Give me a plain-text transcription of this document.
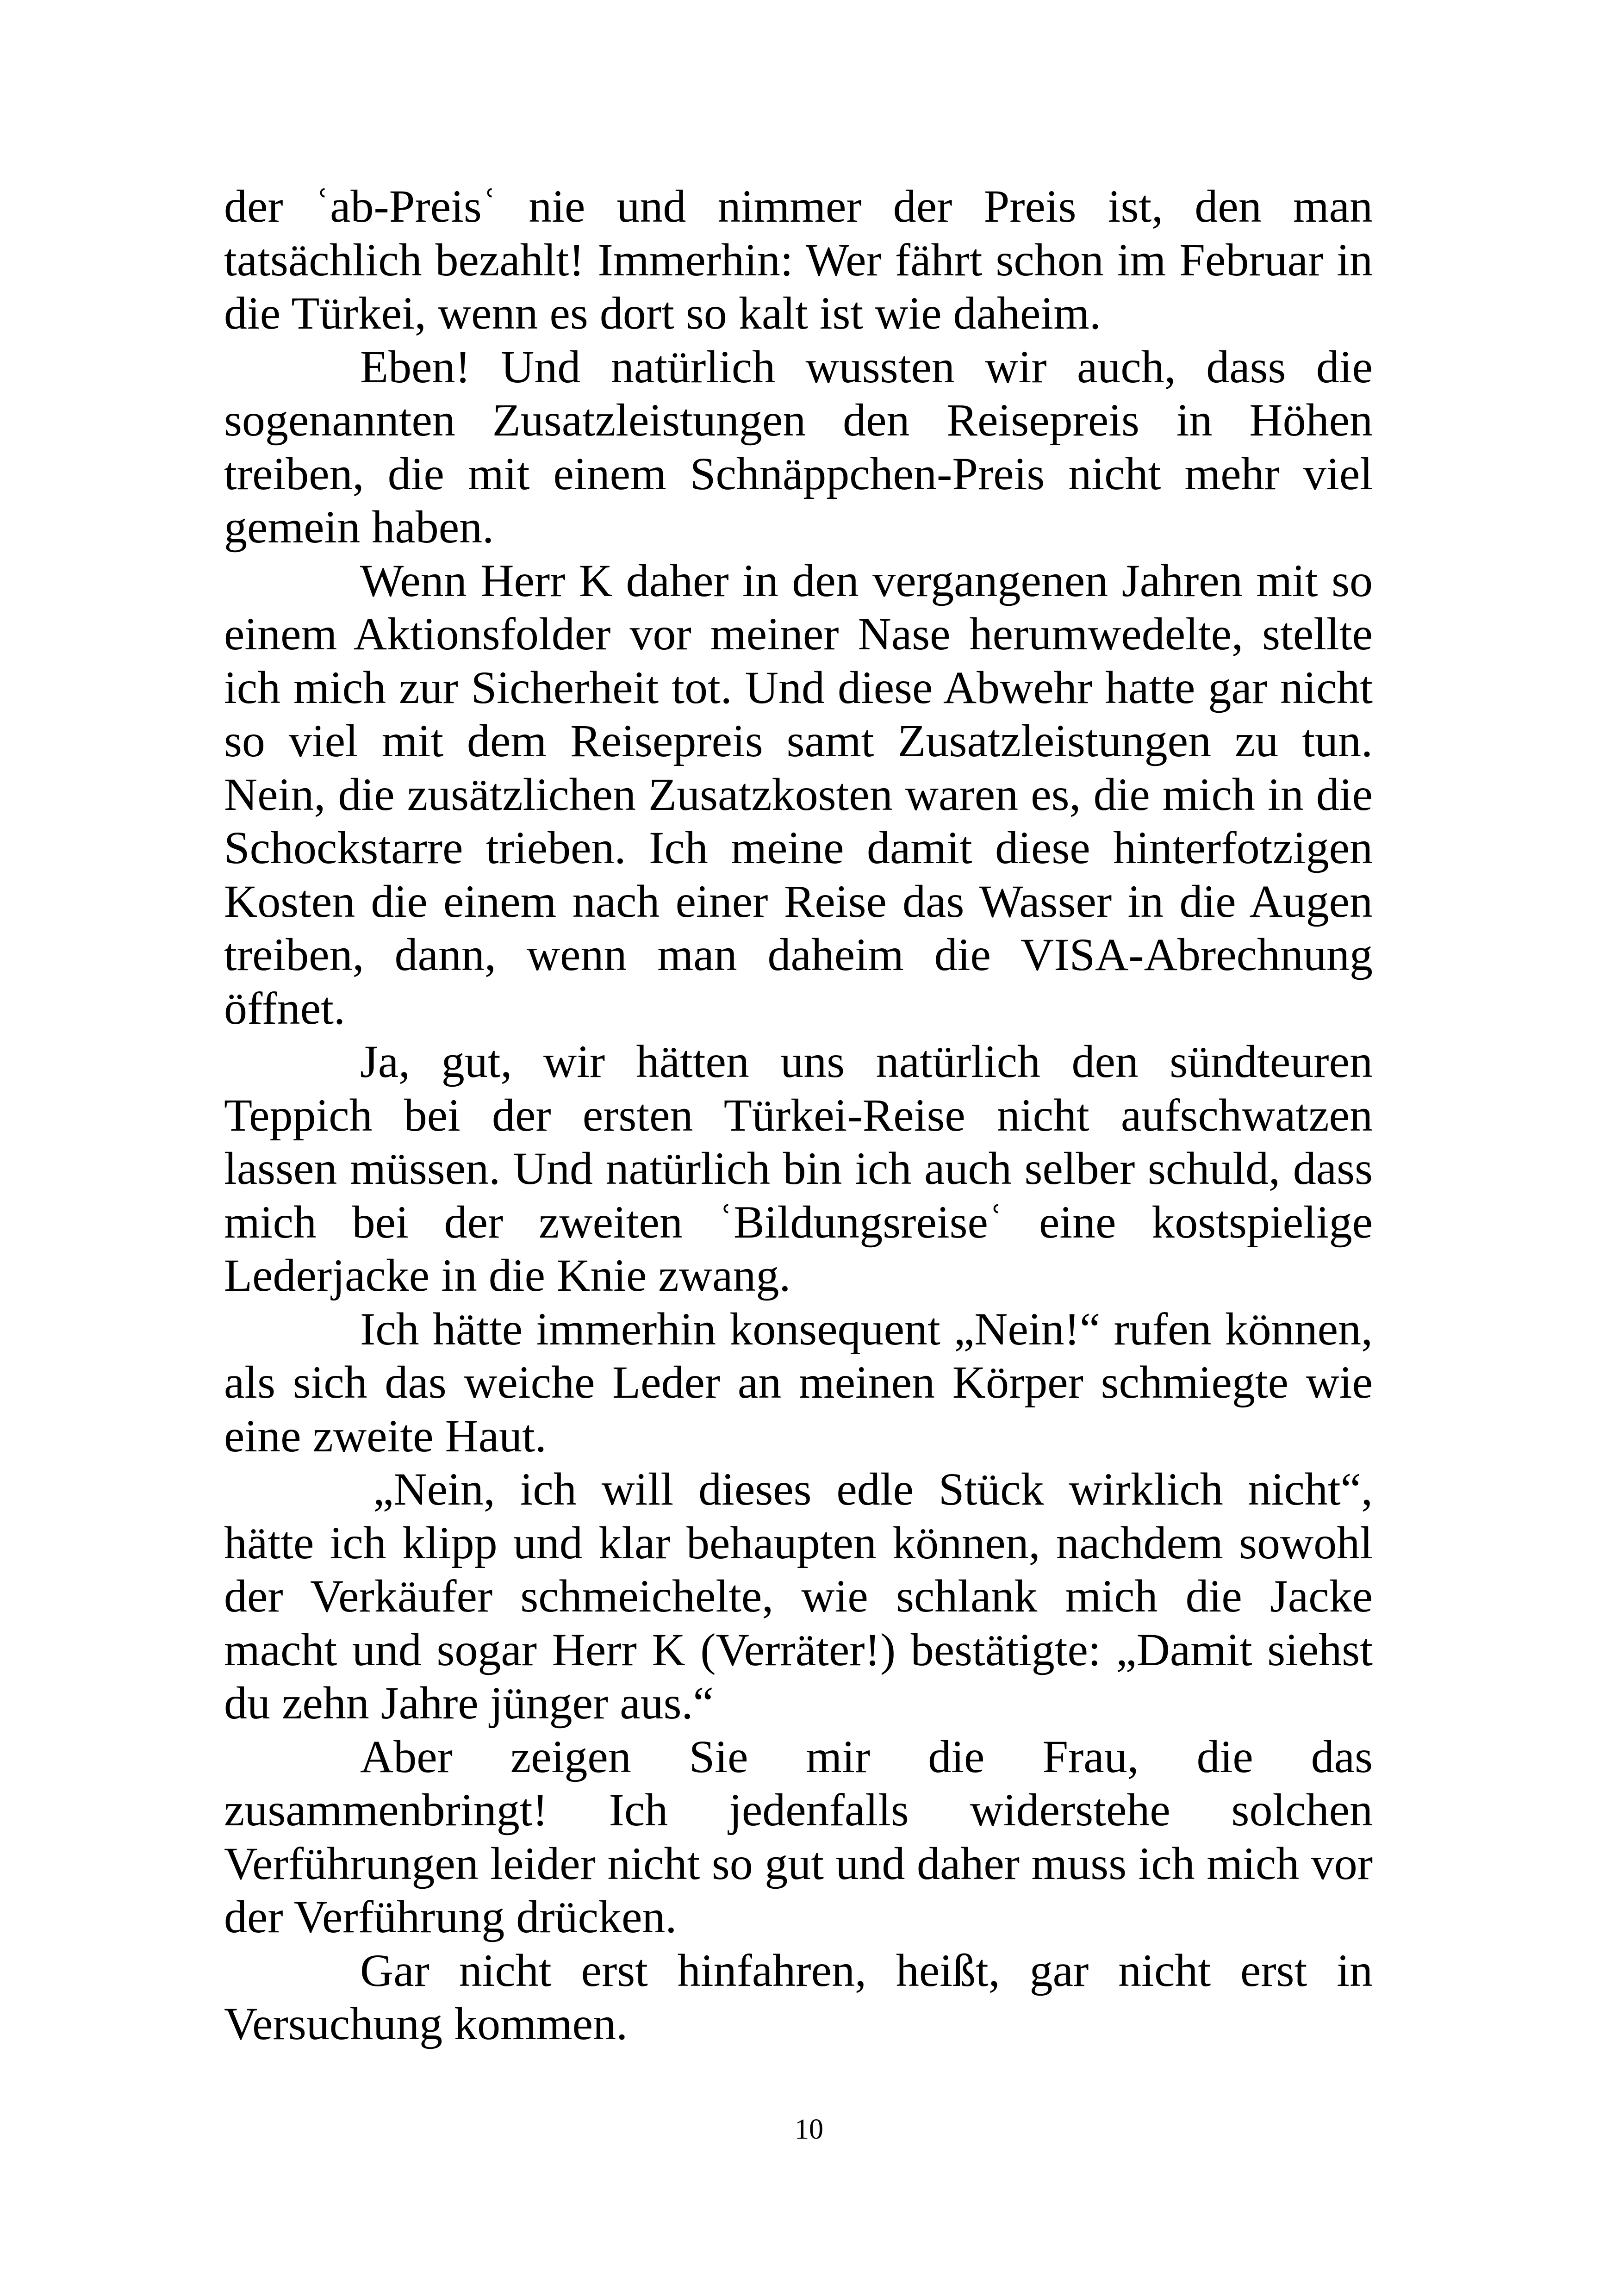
der ʿab-Preisʿ nie und nimmer der Preis ist, den man tatsächlich bezahlt! Immerhin: Wer fährt schon im Februar in die Türkei, wenn es dort so kalt ist wie daheim.

Eben! Und natürlich wussten wir auch, dass die sogenannten Zusatzleistungen den Reisepreis in Höhen treiben, die mit einem Schnäppchen-Preis nicht mehr viel gemein haben.

Wenn Herr K daher in den vergangenen Jahren mit so einem Aktionsfolder vor meiner Nase herumwedelte, stellte ich mich zur Sicherheit tot. Und diese Abwehr hatte gar nicht so viel mit dem Reisepreis samt Zusatzleistungen zu tun. Nein, die zusätzlichen Zusatzkosten waren es, die mich in die Schockstarre trieben. Ich meine damit diese hinterfotzigen Kosten die einem nach einer Reise das Wasser in die Augen treiben, dann, wenn man daheim die VISA-Abrechnung öffnet.

Ja, gut, wir hätten uns natürlich den sündteuren Teppich bei der ersten Türkei-Reise nicht aufschwatzen lassen müssen. Und natürlich bin ich auch selber schuld, dass mich bei der zweiten ʿBildungsreiseʿ eine kostspielige Lederjacke in die Knie zwang.

Ich hätte immerhin konsequent „Nein!“ rufen können, als sich das weiche Leder an meinen Körper schmiegte wie eine zweite Haut.

„Nein, ich will dieses edle Stück wirklich nicht“, hätte ich klipp und klar behaupten können, nachdem sowohl der Verkäufer schmeichelte, wie schlank mich die Jacke macht und sogar Herr K (Verräter!) bestätigte: „Damit siehst du zehn Jahre jünger aus.“

Aber zeigen Sie mir die Frau, die das zusammenbringt! Ich jedenfalls widerstehe solchen Verführungen leider nicht so gut und daher muss ich mich vor der Verführung drücken.

Gar nicht erst hinfahren, heißt, gar nicht erst in Versuchung kommen.

10
